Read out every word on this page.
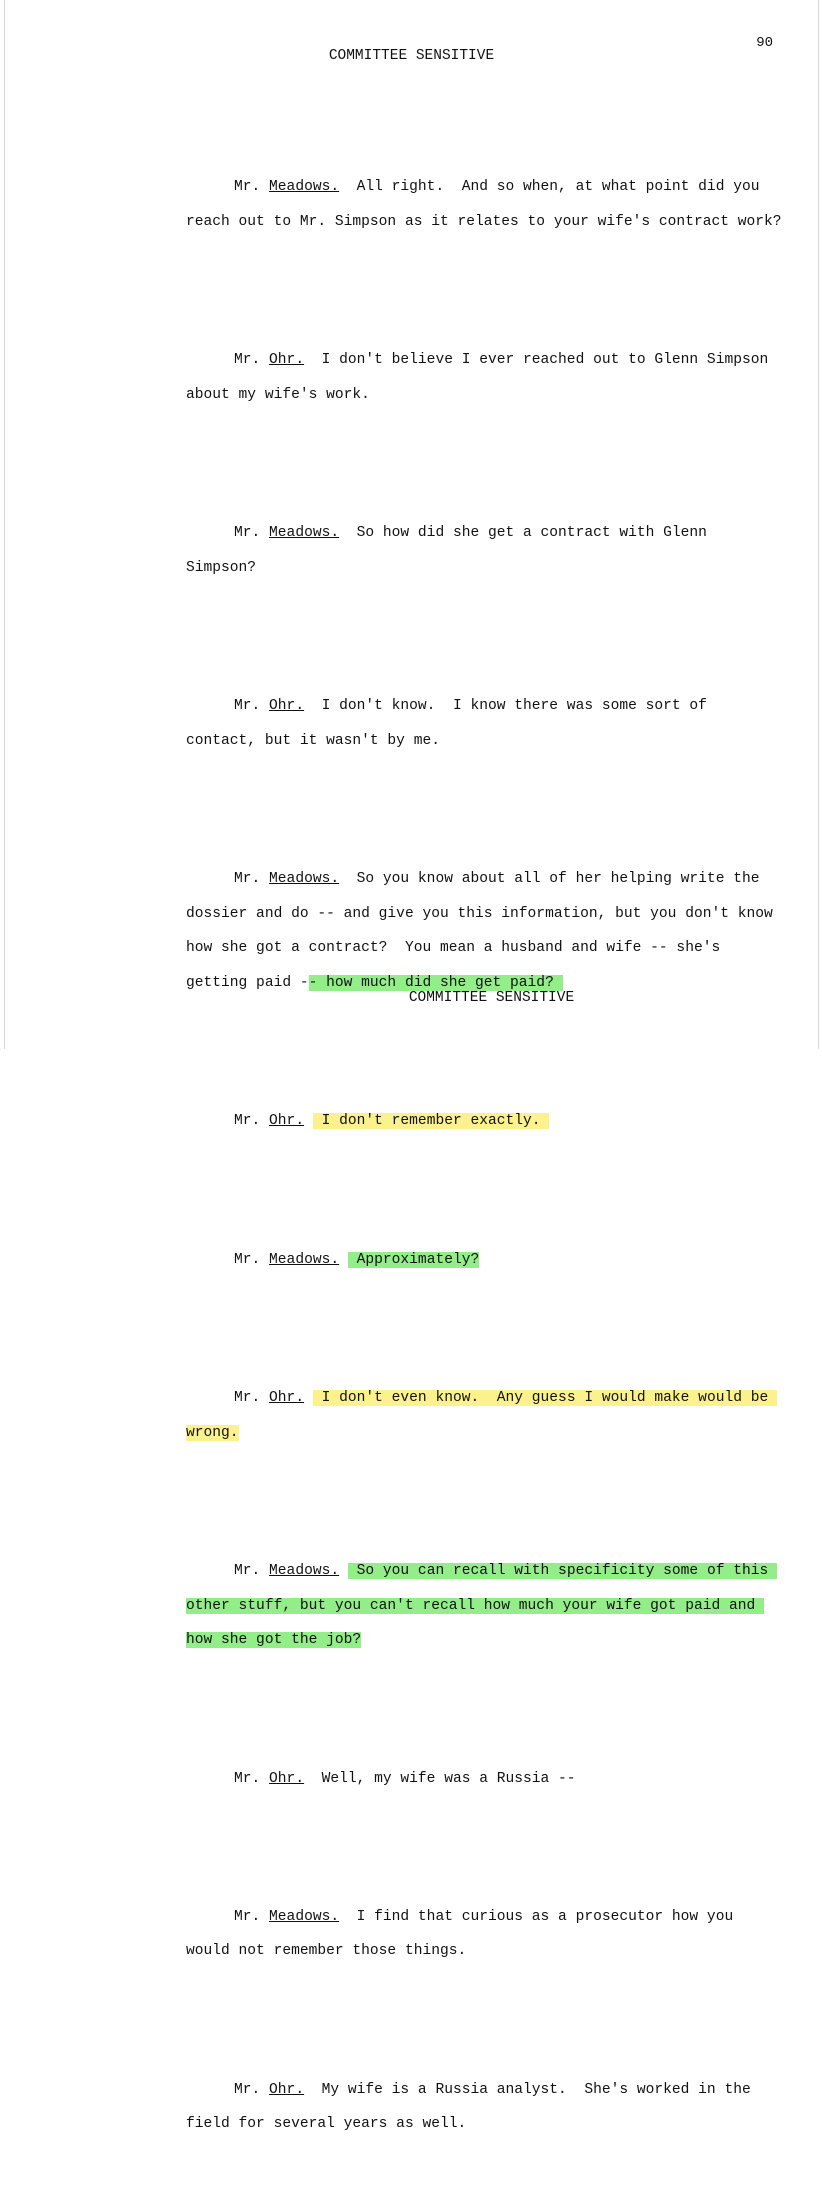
90
COMMITTEE SENSITIVE

Mr. Meadows. All right.  And so when, at what point did you reach out to Mr. Simpson as it relates to your wife's contract work?

Mr. Ohr. I don't believe I ever reached out to Glenn Simpson about my wife's work.

Mr. Meadows. So how did she get a contract with Glenn Simpson?

Mr. Ohr. I don't know.  I know there was some sort of contact, but it wasn't by me.

Mr. Meadows. So you know about all of her helping write the dossier and do -- and give you this information, but you don't know how she got a contract?  You mean a husband and wife -- she's getting paid -- how much did she get paid?

Mr. Ohr.  I don't remember exactly.

Mr. Meadows.  Approximately?

Mr. Ohr.  I don't even know.  Any guess I would make would be wrong.

Mr. Meadows.  So you can recall with specificity some of this other stuff, but you can't recall how much your wife got paid and how she got the job?

Mr. Ohr. Well, my wife was a Russia --

Mr. Meadows. I find that curious as a prosecutor how you would not remember those things.

Mr. Ohr. My wife is a Russia analyst.  She's worked in the field for several years as well.

COMMITTEE SENSITIVE
